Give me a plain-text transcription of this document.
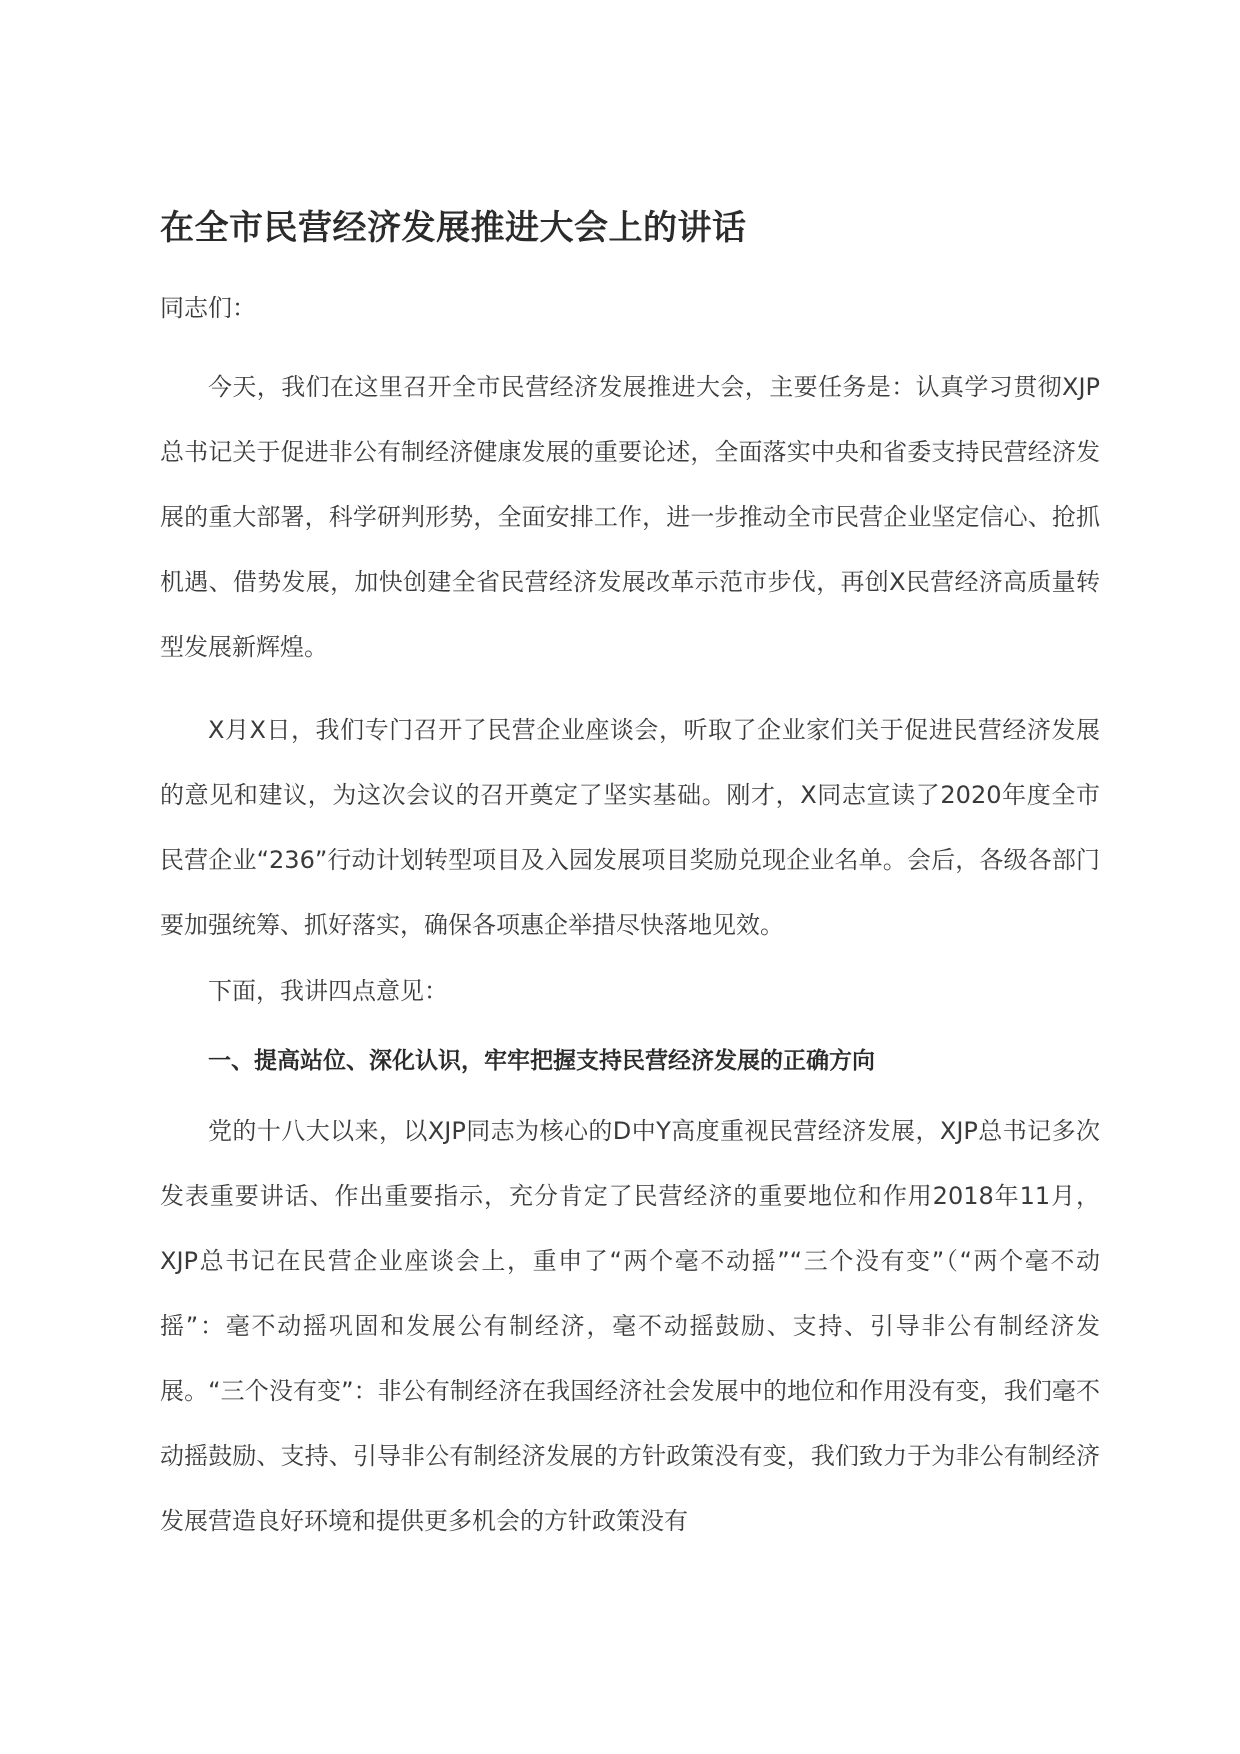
在全市民营经济发展推进大会上的讲话

同志们：

今天，我们在这里召开全市民营经济发展推进大会，主要任务是：认真学习贯彻XJP总书记关于促进非公有制经济健康发展的重要论述，全面落实中央和省委支持民营经济发展的重大部署，科学研判形势，全面安排工作，进一步推动全市民营企业坚定信心、抢抓机遇、借势发展，加快创建全省民营经济发展改革示范市步伐，再创X民营经济高质量转型发展新辉煌。

X月X日，我们专门召开了民营企业座谈会，听取了企业家们关于促进民营经济发展的意见和建议，为这次会议的召开奠定了坚实基础。刚才，X同志宣读了2020年度全市民营企业“236”行动计划转型项目及入园发展项目奖励兑现企业名单。会后，各级各部门要加强统筹、抓好落实，确保各项惠企举措尽快落地见效。

下面，我讲四点意见：

一、提高站位、深化认识，牢牢把握支持民营经济发展的正确方向

党的十八大以来，以XJP同志为核心的D中Y高度重视民营经济发展，XJP总书记多次发表重要讲话、作出重要指示，充分肯定了民营经济的重要地位和作用2018年11月，XJP总书记在民营企业座谈会上，重申了“两个毫不动摇”“三个没有变”（“两个毫不动摇”：毫不动摇巩固和发展公有制经济，毫不动摇鼓励、支持、引导非公有制经济发展。“三个没有变”：非公有制经济在我国经济社会发展中的地位和作用没有变，我们毫不动摇鼓励、支持、引导非公有制经济发展的方针政策没有变，我们致力于为非公有制经济发展营造良好环境和提供更多机会的方针政策没有
